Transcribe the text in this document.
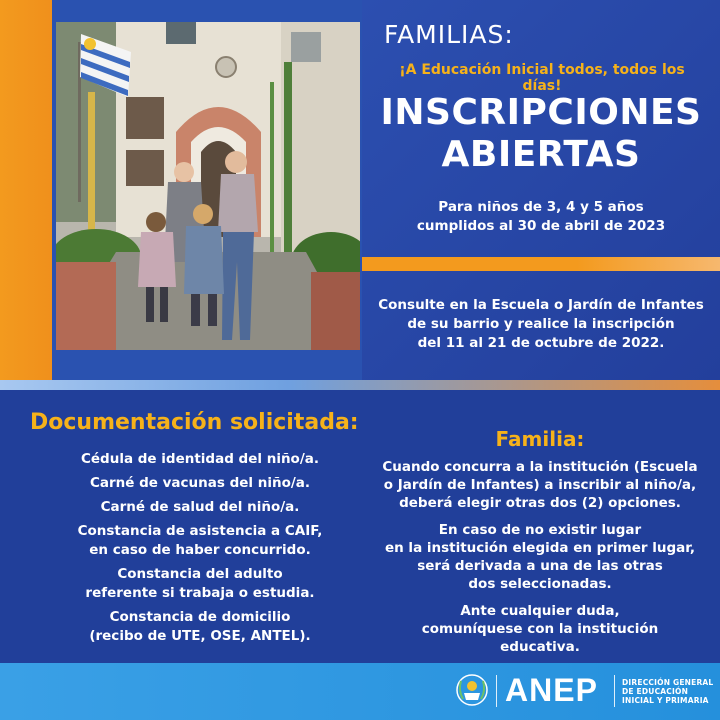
FAMILIAS:
¡A Educación Inicial todos, todos los días!
INSCRIPCIONES
ABIERTAS
Para niños de 3, 4 y 5 años
cumplidos al 30 de abril de 2023
Consulte en la Escuela o Jardín de Infantes
de su barrio y realice la inscripción
del 11 al 21 de octubre de 2022.
Documentación solicitada:
Cédula de identidad del niño/a.
Carné de vacunas del niño/a.
Carné de salud del niño/a.
Constancia de asistencia a CAIF,
en caso de haber concurrido.
Constancia del adulto
referente si trabaja o estudia.
Constancia de domicilio
(recibo de UTE, OSE, ANTEL).
Familia:
Cuando concurra a la institución (Escuela
o Jardín de Infantes) a inscribir al niño/a,
deberá elegir otras dos (2) opciones.
En caso de no existir lugar
en la institución elegida en primer lugar,
será derivada a una de las otras
dos seleccionadas.
Ante cualquier duda,
comuníquese con la institución educativa.
ANEP	DIRECCIÓN GENERAL
DE EDUCACIÓN
INICIAL Y PRIMARIA
